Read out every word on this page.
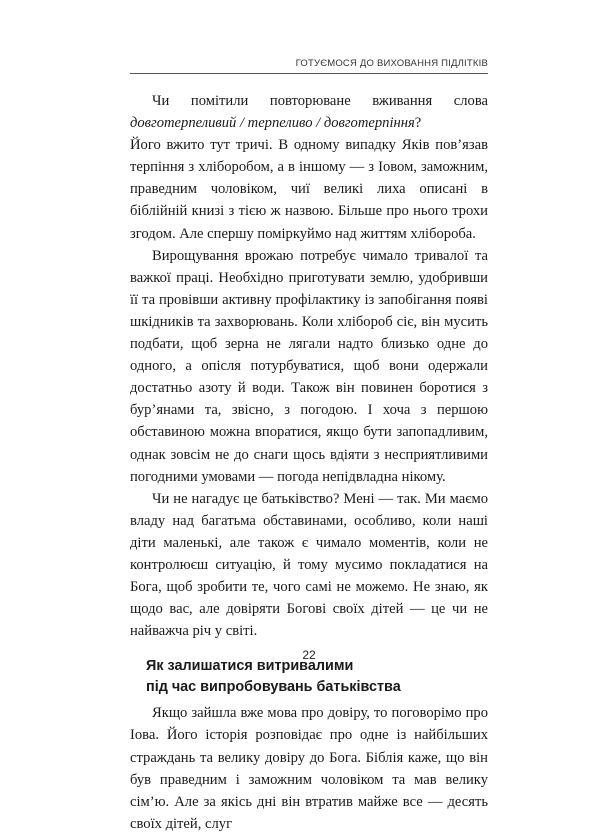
ГОТУЄМОСЯ ДО ВИХОВАННЯ ПІДЛІТКІВ

Чи помітили повторюване вживання слова довготерпеливий / терпеливо / довготерпіння?

Його вжито тут тричі. В одному випадку Яків пов’язав терпіння з хліборобом, а в іншому — з Іовом, заможним, праведним чоловіком, чиї великі лиха описані в біблійній книзі з тією ж назвою. Більше про нього трохи згодом. Але спершу поміркуймо над життям хлібороба.

Вирощування врожаю потребує чимало тривалої та важкої праці. Необхідно приготувати землю, удобривши її та провівши активну профілактику із запобігання появі шкідників та захворювань. Коли хлібороб сіє, він мусить подбати, щоб зерна не лягали надто близько одне до одного, а опісля потурбуватися, щоб вони одержали достатньо азоту й води. Також він повинен боротися з бур’янами та, звісно, з погодою. І хоча з першою обставиною можна впоратися, якщо бути запопадливим, однак зовсім не до снаги щось вдіяти з несприятливими погодними умовами — погода непідвладна нікому.

Чи не нагадує це батьківство? Мені — так. Ми маємо владу над багатьма обставинами, особливо, коли наші діти маленькі, але також є чимало моментів, коли не контролюєш ситуацію, й тому мусимо покладатися на Бога, щоб зробити те, чого самі не можемо. Не знаю, як щодо вас, але довіряти Богові своїх дітей — це чи не найважча річ у світі.

Як залишатися витривалими
під час випробовувань батьківства

Якщо зайшла вже мова про довіру, то поговорімо про Іова. Його історія розповідає про одне із найбільших страждань та велику довіру до Бога. Біблія каже, що він був праведним і заможним чоловіком та мав велику сім’ю. Але за якісь дні він втратив майже все — десять своїх дітей, слуг

22
